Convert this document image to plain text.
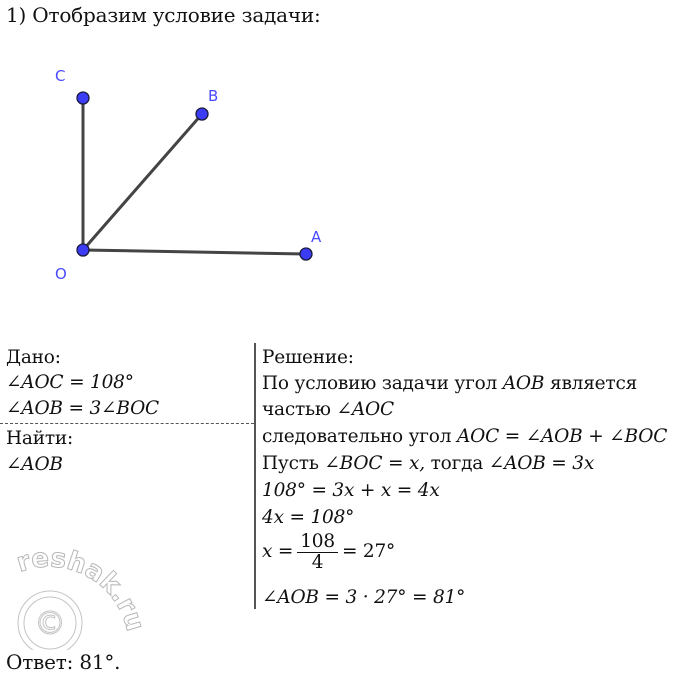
1) Отобразим условие задачи:
C
B
O
A
Дано:
∠AOC = 108°
∠AOB = 3∠BOC
Найти:
∠AOB
Решение:
По условию задачи угол AOB является
частью ∠AOC
следовательно угол AOC = ∠AOB + ∠BOC
Пусть ∠BOC = x, тогда ∠AOB = 3x
108° = 3x + x = 4x
4x = 108°
$x = \frac{108}{4} = 27^\circ$
∠AOB = 3 · 27° = 81°
reshak.ru
©
Ответ: 81°.
